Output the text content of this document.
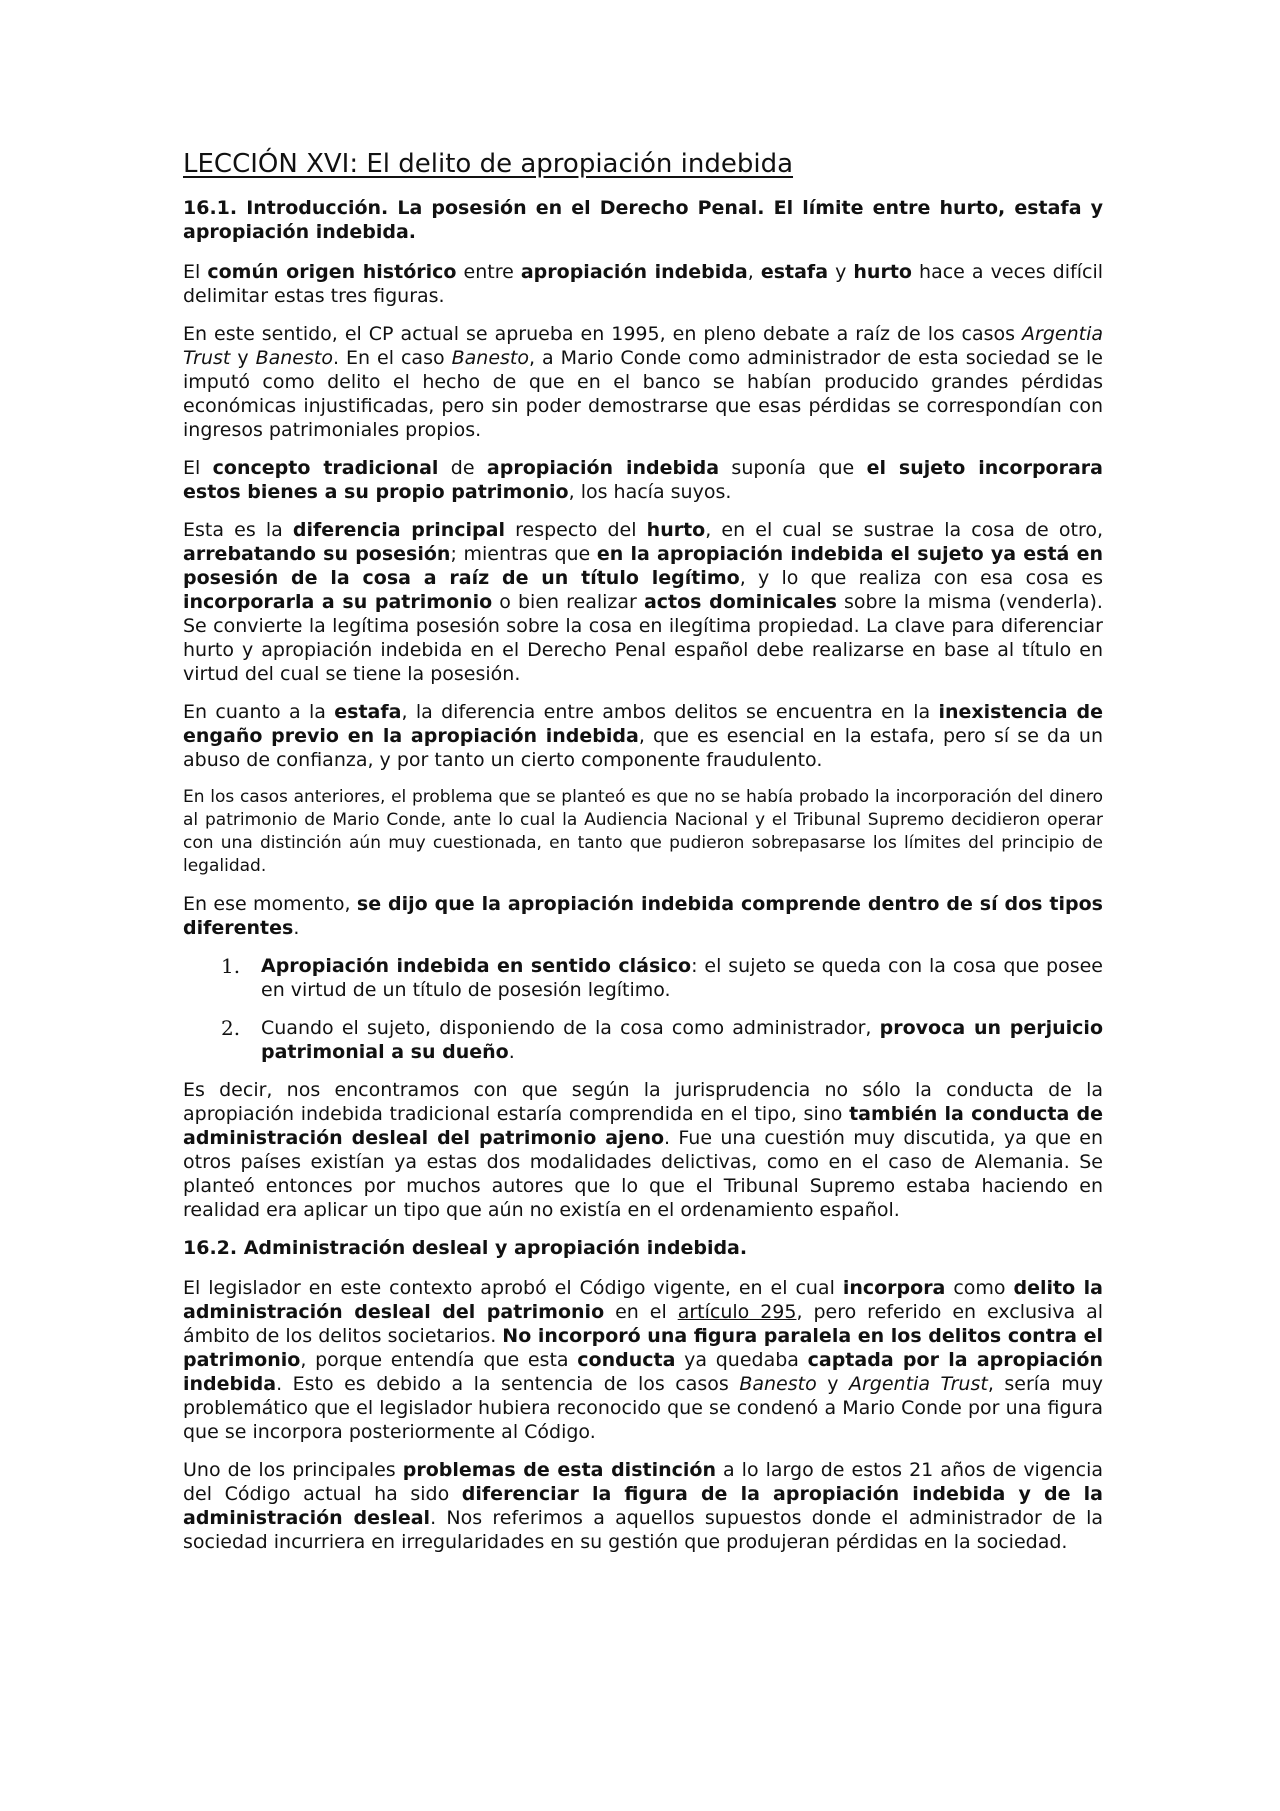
LECCIÓN XVI: El delito de apropiación indebida
16.1. Introducción. La posesión en el Derecho Penal. El límite entre hurto, estafa y apropiación indebida.

El común origen histórico entre apropiación indebida, estafa y hurto hace a veces difícil delimitar estas tres figuras.

En este sentido, el CP actual se aprueba en 1995, en pleno debate a raíz de los casos Argentia Trust y Banesto. En el caso Banesto, a Mario Conde como administrador de esta sociedad se le imputó como delito el hecho de que en el banco se habían producido grandes pérdidas económicas injustificadas, pero sin poder demostrarse que esas pérdidas se correspondían con ingresos patrimoniales propios.

El concepto tradicional de apropiación indebida suponía que el sujeto incorporara estos bienes a su propio patrimonio, los hacía suyos.

Esta es la diferencia principal respecto del hurto, en el cual se sustrae la cosa de otro, arrebatando su posesión; mientras que en la apropiación indebida el sujeto ya está en posesión de la cosa a raíz de un título legítimo, y lo que realiza con esa cosa es incorporarla a su patrimonio o bien realizar actos dominicales sobre la misma (venderla). Se convierte la legítima posesión sobre la cosa en ilegítima propiedad. La clave para diferenciar hurto y apropiación indebida en el Derecho Penal español debe realizarse en base al título en virtud del cual se tiene la posesión.

En cuanto a la estafa, la diferencia entre ambos delitos se encuentra en la inexistencia de engaño previo en la apropiación indebida, que es esencial en la estafa, pero sí se da un abuso de confianza, y por tanto un cierto componente fraudulento.

En los casos anteriores, el problema que se planteó es que no se había probado la incorporación del dinero al patrimonio de Mario Conde, ante lo cual la Audiencia Nacional y el Tribunal Supremo decidieron operar con una distinción aún muy cuestionada, en tanto que pudieron sobrepasarse los límites del principio de legalidad.

En ese momento, se dijo que la apropiación indebida comprende dentro de sí dos tipos diferentes.

1. Apropiación indebida en sentido clásico: el sujeto se queda con la cosa que posee en virtud de un título de posesión legítimo.
2. Cuando el sujeto, disponiendo de la cosa como administrador, provoca un perjuicio patrimonial a su dueño.

Es decir, nos encontramos con que según la jurisprudencia no sólo la conducta de la apropiación indebida tradicional estaría comprendida en el tipo, sino también la conducta de administración desleal del patrimonio ajeno. Fue una cuestión muy discutida, ya que en otros países existían ya estas dos modalidades delictivas, como en el caso de Alemania. Se planteó entonces por muchos autores que lo que el Tribunal Supremo estaba haciendo en realidad era aplicar un tipo que aún no existía en el ordenamiento español.

16.2. Administración desleal y apropiación indebida.

El legislador en este contexto aprobó el Código vigente, en el cual incorpora como delito la administración desleal del patrimonio en el artículo 295, pero referido en exclusiva al ámbito de los delitos societarios. No incorporó una figura paralela en los delitos contra el patrimonio, porque entendía que esta conducta ya quedaba captada por la apropiación indebida. Esto es debido a la sentencia de los casos Banesto y Argentia Trust, sería muy problemático que el legislador hubiera reconocido que se condenó a Mario Conde por una figura que se incorpora posteriormente al Código.

Uno de los principales problemas de esta distinción a lo largo de estos 21 años de vigencia del Código actual ha sido diferenciar la figura de la apropiación indebida y de la administración desleal. Nos referimos a aquellos supuestos donde el administrador de la sociedad incurriera en irregularidades en su gestión que produjeran pérdidas en la sociedad.
